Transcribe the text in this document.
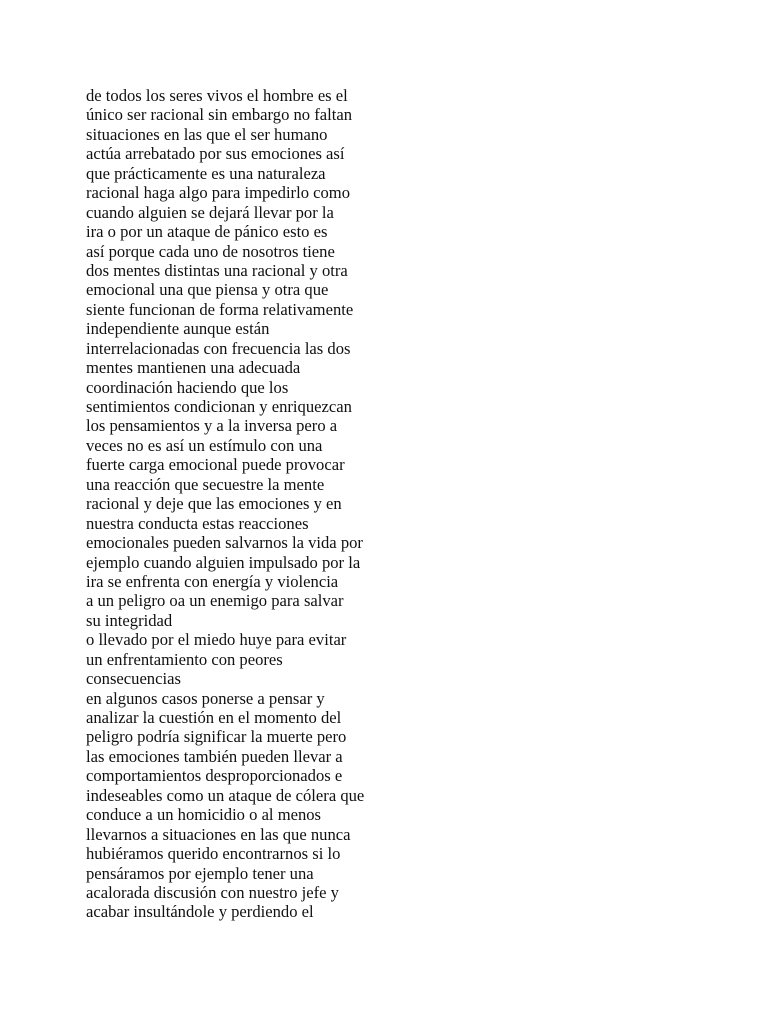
de todos los seres vivos el hombre es el
único ser racional sin embargo no faltan
situaciones en las que el ser humano
actúa arrebatado por sus emociones así
que prácticamente es una naturaleza
racional haga algo para impedirlo como
cuando alguien se dejará llevar por la
ira o por un ataque de pánico esto es
así porque cada uno de nosotros tiene
dos mentes distintas una racional y otra
emocional una que piensa y otra que
siente funcionan de forma relativamente
independiente aunque están
interrelacionadas con frecuencia las dos
mentes mantienen una adecuada
coordinación haciendo que los
sentimientos condicionan y enriquezcan
los pensamientos y a la inversa pero a
veces no es así un estímulo con una
fuerte carga emocional puede provocar
una reacción que secuestre la mente
racional y deje que las emociones y en
nuestra conducta estas reacciones
emocionales pueden salvarnos la vida por
ejemplo cuando alguien impulsado por la
ira se enfrenta con energía y violencia
a un peligro oa un enemigo para salvar
su integridad
o llevado por el miedo huye para evitar
un enfrentamiento con peores
consecuencias
en algunos casos ponerse a pensar y
analizar la cuestión en el momento del
peligro podría significar la muerte pero
las emociones también pueden llevar a
comportamientos desproporcionados e
indeseables como un ataque de cólera que
conduce a un homicidio o al menos
llevarnos a situaciones en las que nunca
hubiéramos querido encontrarnos si lo
pensáramos por ejemplo tener una
acalorada discusión con nuestro jefe y
acabar insultándole y perdiendo el
